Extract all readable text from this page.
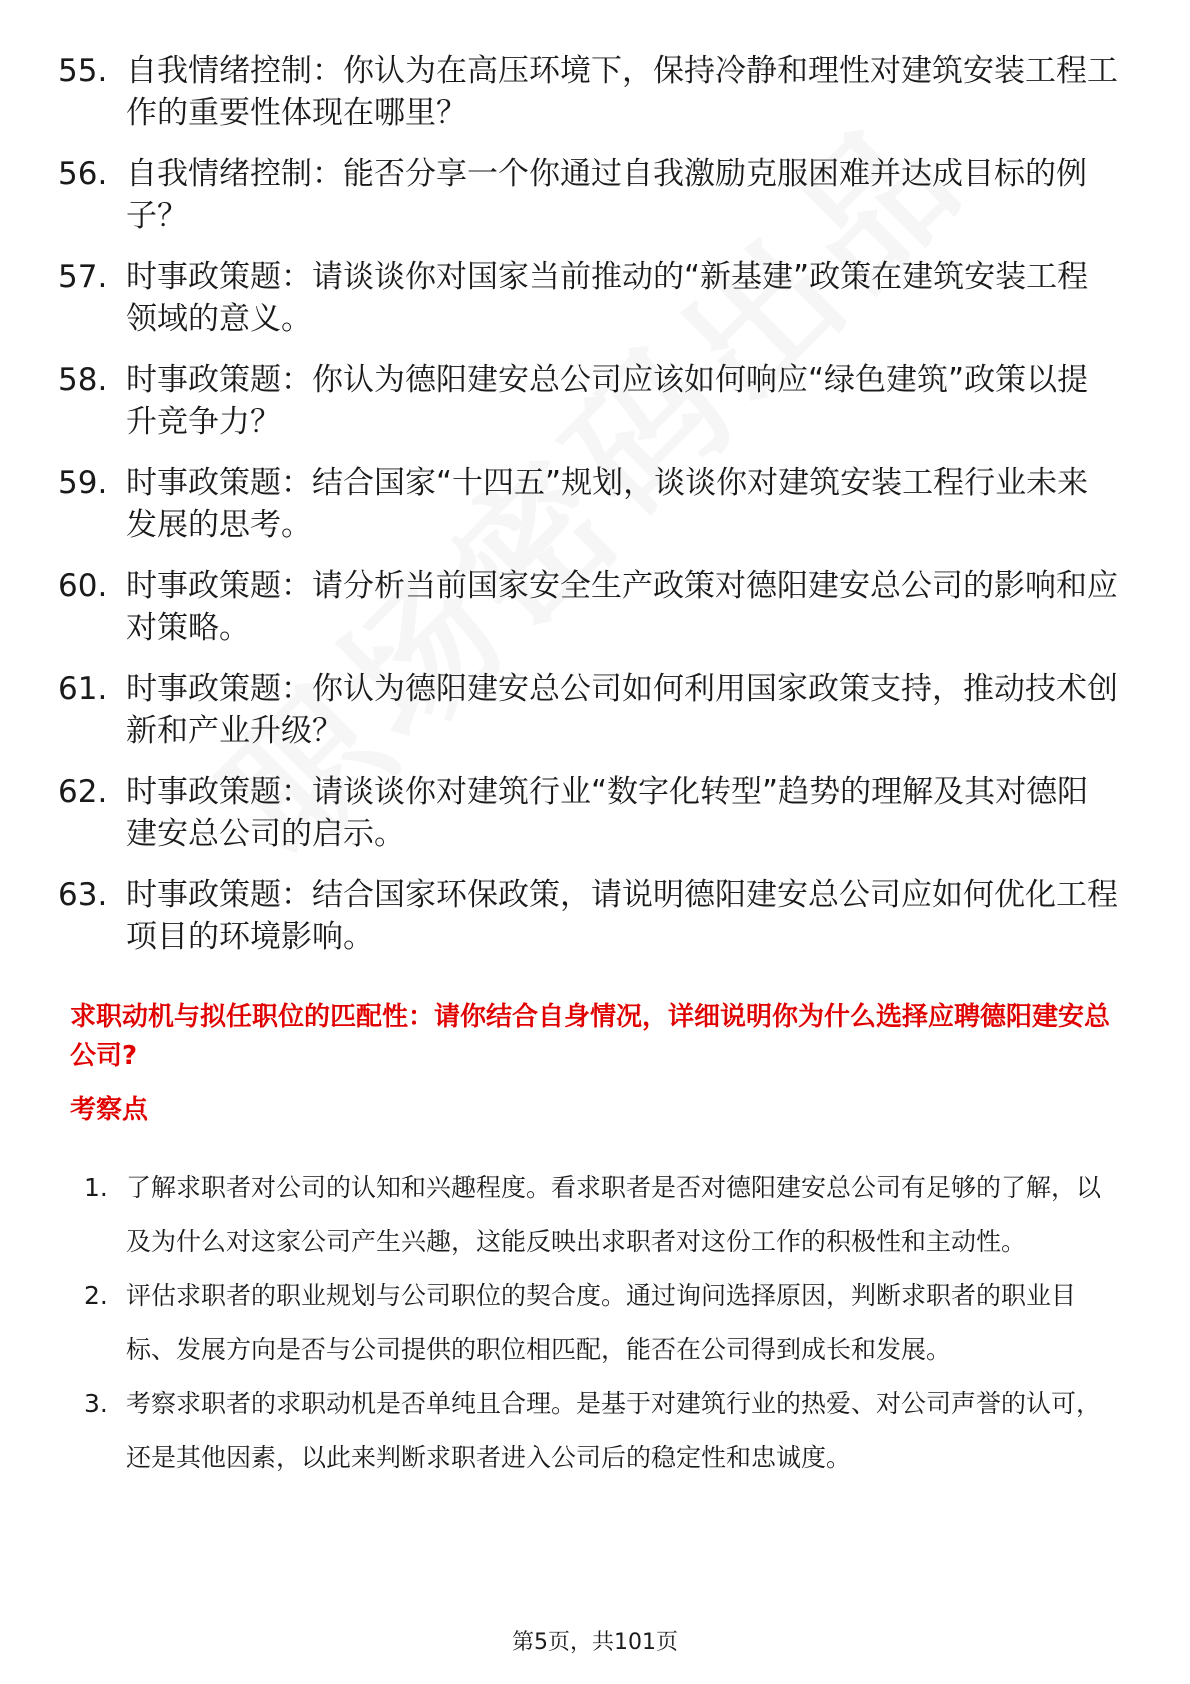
55. 自我情绪控制：你认为在高压环境下，保持冷静和理性对建筑安装工程工作的重要性体现在哪里？
56. 自我情绪控制：能否分享一个你通过自我激励克服困难并达成目标的例子？
57. 时事政策题：请谈谈你对国家当前推动的“新基建”政策在建筑安装工程领域的意义。
58. 时事政策题：你认为德阳建安总公司应该如何响应“绿色建筑”政策以提升竞争力？
59. 时事政策题：结合国家“十四五”规划，谈谈你对建筑安装工程行业未来发展的思考。
60. 时事政策题：请分析当前国家安全生产政策对德阳建安总公司的影响和应对策略。
61. 时事政策题：你认为德阳建安总公司如何利用国家政策支持，推动技术创新和产业升级？
62. 时事政策题：请谈谈你对建筑行业“数字化转型”趋势的理解及其对德阳建安总公司的启示。
63. 时事政策题：结合国家环保政策，请说明德阳建安总公司应如何优化工程项目的环境影响。
求职动机与拟任职位的匹配性：请你结合自身情况，详细说明你为什么选择应聘德阳建安总公司?
考察点
1. 了解求职者对公司的认知和兴趣程度。看求职者是否对德阳建安总公司有足够的了解，以及为什么对这家公司产生兴趣，这能反映出求职者对这份工作的积极性和主动性。
2. 评估求职者的职业规划与公司职位的契合度。通过询问选择原因，判断求职者的职业目标、发展方向是否与公司提供的职位相匹配，能否在公司得到成长和发展。
3. 考察求职者的求职动机是否单纯且合理。是基于对建筑行业的热爱、对公司声誉的认可，还是其他因素，以此来判断求职者进入公司后的稳定性和忠诚度。
第5页，共101页
